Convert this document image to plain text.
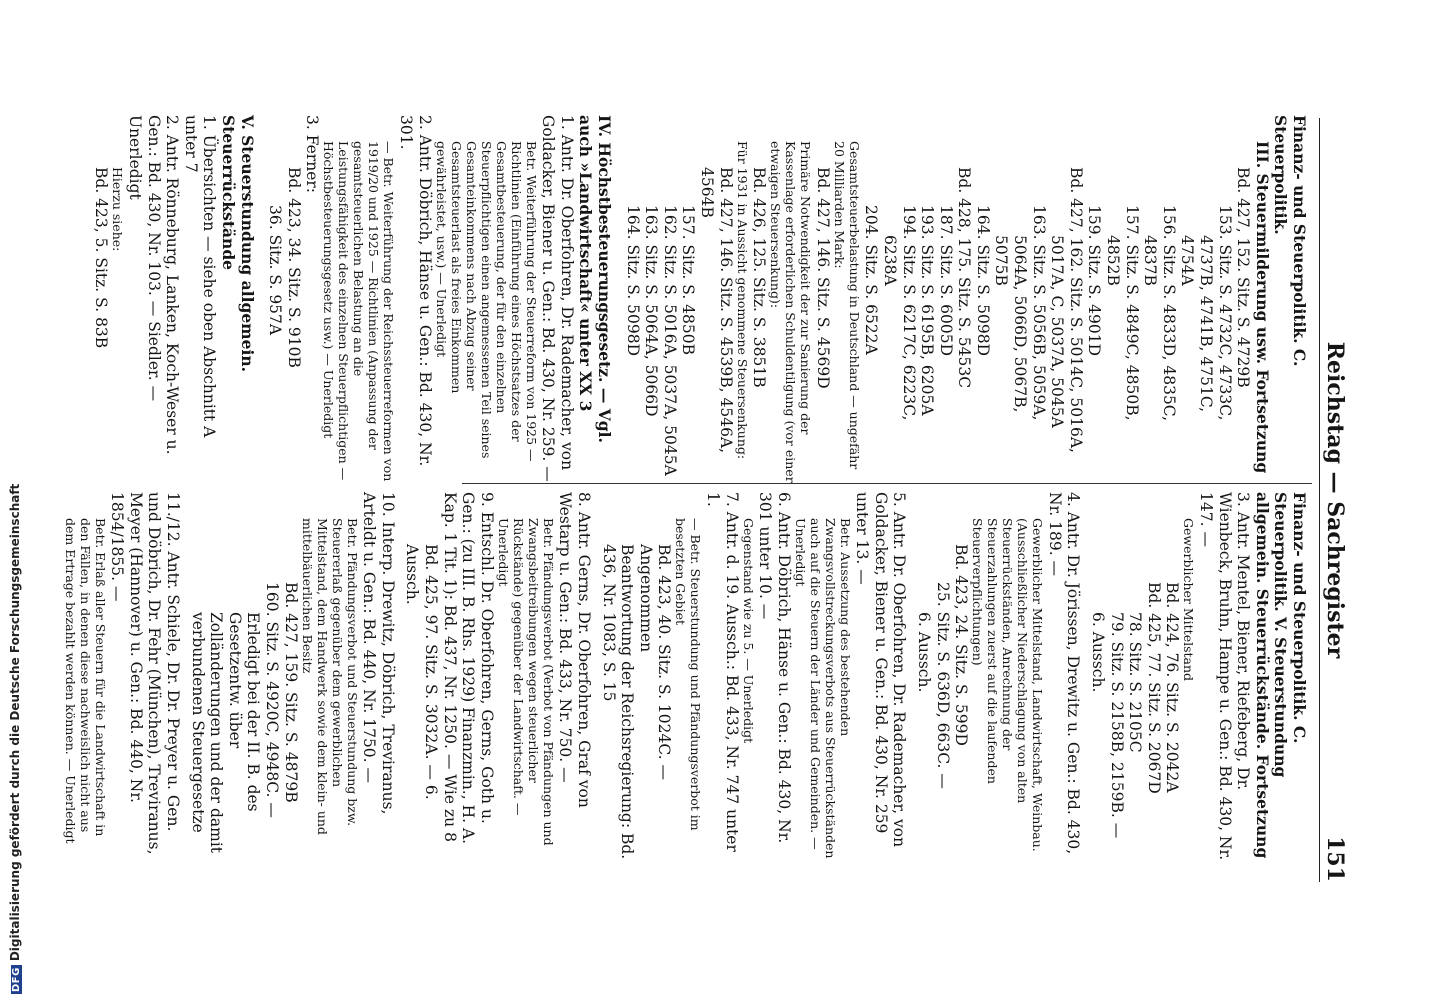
Reichstag — Sachregister
151
Finanz- und Steuerpolitik. C. Steuerpolitik.
III. Steuermilderung usw. Fortsetzung
Bd. 427, 152. Sitz. S. 4729B
153. Sitz. S. 4732C, 4733C,
4737B, 4741B, 4751C,
4754A
156. Sitz. S. 4833D, 4835C,
4837B
157. Sitz. S. 4849C, 4850B,
4852B
159. Sitz. S. 4901D
Bd. 427, 162. Sitz. S. 5014C, 5016A,
5017A, C, 5037A, 5045A
163. Sitz. S. 5056B, 5059A,
5064A, 5066D, 5067B,
5075B
164. Sitz. S. 5098D
Bd. 428, 175. Sitz. S. 5453C
187. Sitz. S. 6005D
193. Sitz. S. 6195B, 6205A
194. Sitz. S. 6217C, 6223C,
6238A
204. Sitz. S. 6522A
Gesamtsteuerbelastung in Deutschland — ungefähr 20 Milliarden Mark:
Bd. 427, 146. Sitz. S. 4569D
Primäre Notwendigkeit der zur Sanierung der Kassenlage erforderlichen Schuldentilgung (vor einer etwaigen Steuersenkung):
Bd. 426, 125. Sitz. S. 3851B
Für 1931 in Aussicht genommene Steuersenkung:
Bd. 427, 146. Sitz. S. 4539B, 4546A, 4564B
157. Sitz. S. 4850B
162. Sitz. S. 5016A, 5037A, 5045A
163. Sitz. S. 5064A, 5066D
164. Sitz. S. 5098D
IV. Höchstbesteuerungsgesetz. — Vgl. auch »Landwirtschaft« unter XX 3
1. Antr. Dr. Oberfohren, Dr. Rademacher, von Goldacker, Biener u. Gen.: Bd. 430, Nr. 259. —
Betr. Weiterführung der Steuerreform von 1925 — Richtlinien (Einführung eines Höchstsatzes der Gesamtbesteuerung, der für den einzelnen Steuerpflichtigen einen angemessenen Teil seines Gesamteinkommens nach Abzug seiner Gesamtsteuerlast als freies Einkommen gewährleistet, usw.) — Unerledigt
2. Antr. Döbrich, Hänse u. Gen.: Bd. 430, Nr. 301.
— Betr. Weiterführung der Reichssteuerreformen von 1919/20 und 1925 — Richtlinien (Anpassung der gesamtsteuerlichen Belastung an die Leistungsfähigkeit des einzelnen Steuerpflichtigen — Höchstbesteuerungsgesetz usw.) — Unerledigt
3. Ferner:
Bd. 423, 34. Sitz. S. 910B
36. Sitz. S. 957A
V. Steuerstundung allgemein. Steuerrückstände
1. Übersichten — siehe oben Abschnitt A unter 7
2. Antr. Rönneburg, Lanken, Koch-Weser u. Gen.: Bd. 430, Nr. 103. — Siedler. — Unerledigt
Hierzu siehe:
Bd. 423, 5. Sitz. S. 83B
Finanz- und Steuerpolitik. C. Steuerpolitik. V. Steuerstundung allgemein. Steuerrückstände. Fortsetzung
3. Antr. Mentel, Biener, Riefeberg, Dr. Wienbeck, Bruhn, Hampe u. Gen.: Bd. 430, Nr. 147. —
Gewerblicher Mittelstand
Bd. 424, 76. Sitz. S. 2042A
Bd. 425, 77. Sitz. S. 2067D
78. Sitz. S. 2105C
79. Sitz. S. 2158B, 2159B. —
6. Aussch.
4. Antr. Dr. Jörissen, Drewitz u. Gen.: Bd. 430, Nr. 189. —
Gewerblicher Mittelstand, Landwirtschaft, Weinbau. (Ausschließlicher Niederschlagung von alten Steuerrückständen, Anrechnung der Steuerzahlungen zuerst auf die laufenden Steuerverpflichtungen)
Bd. 423, 24. Sitz. S. 599D
25. Sitz. S. 636D, 663C. —
6. Aussch.
5. Antr. Dr. Oberfohren, Dr. Rademacher, von Goldacker, Biener u. Gen.: Bd. 430, Nr. 259 unter 13. —
Betr. Aussetzung des bestehenden Zwangsvollstreckungsverbots aus Steuerrückständen auch auf die Steuern der Länder und Gemeinden. — Unerledigt
6. Antr. Döbrich, Hänse u. Gen.: Bd. 430, Nr. 301 unter 10. —
Gegenstand wie zu 5. — Unerledigt
7. Antr. d. 19. Aussch.: Bd. 433, Nr. 747 unter 1.
— Betr. Steuerstundung und Pfändungsverbot im besetzten Gebiet
Bd. 423, 40. Sitz. S. 1024C. — Angenommen
Beantwortung der Reichsregierung: Bd. 436, Nr. 1083, S. 15
8. Antr. Gerns, Dr. Oberfohren, Graf von Westarp u. Gen.: Bd. 433, Nr. 750. —
Betr. Pfändungsverbot (Verbot von Pfändungen und Zwangsbeitreibungen wegen steuerlicher Rückstände) gegenüber der Landwirtschaft. — Unerledigt
9. Entschl. Dr. Oberfohren, Gerns, Goth u. Gen.: (zu III. B. Rhs. 1929) Finanzmin., H. A. Kap. 1 Tit. 1): Bd. 437, Nr. 1250. — Wie zu 8
Bd. 425, 97. Sitz. S. 3032A. — 6. Aussch.
10. Interp. Drewitz, Döbrich, Treviranus, Arteldt u. Gen.: Bd. 440, Nr. 1750. —
Betr. Pfändungsverbot und Steuerstundung bzw. Steuererlaß gegenüber dem gewerblichen Mittelstand, dem Handwerk sowie dem klein- und mittelbäuerlichen Besitz
Bd. 427, 159. Sitz. S. 4879B
160. Sitz. S. 4920C, 4948C. —
Erledigt bei der II. B. des Gesetzentw. über Zolländerungen und der damit verbundenen Steuergesetze
11./12. Antr. Schiele, Dr. Dr. Preyer u. Gen. und Döbrich, Dr. Fehr (München), Treviranus, Meyer (Hannover) u. Gen.: Bd. 440, Nr. 1854/1855. —
Betr. Erlaß aller Steuern für die Landwirtschaft in den Fällen, in denen diese nachweislich nicht aus dem Ertrage bezahlt werden können. — Unerledigt
DFGDigitalisierung gefördert durch die Deutsche Forschungsgemeinschaft
